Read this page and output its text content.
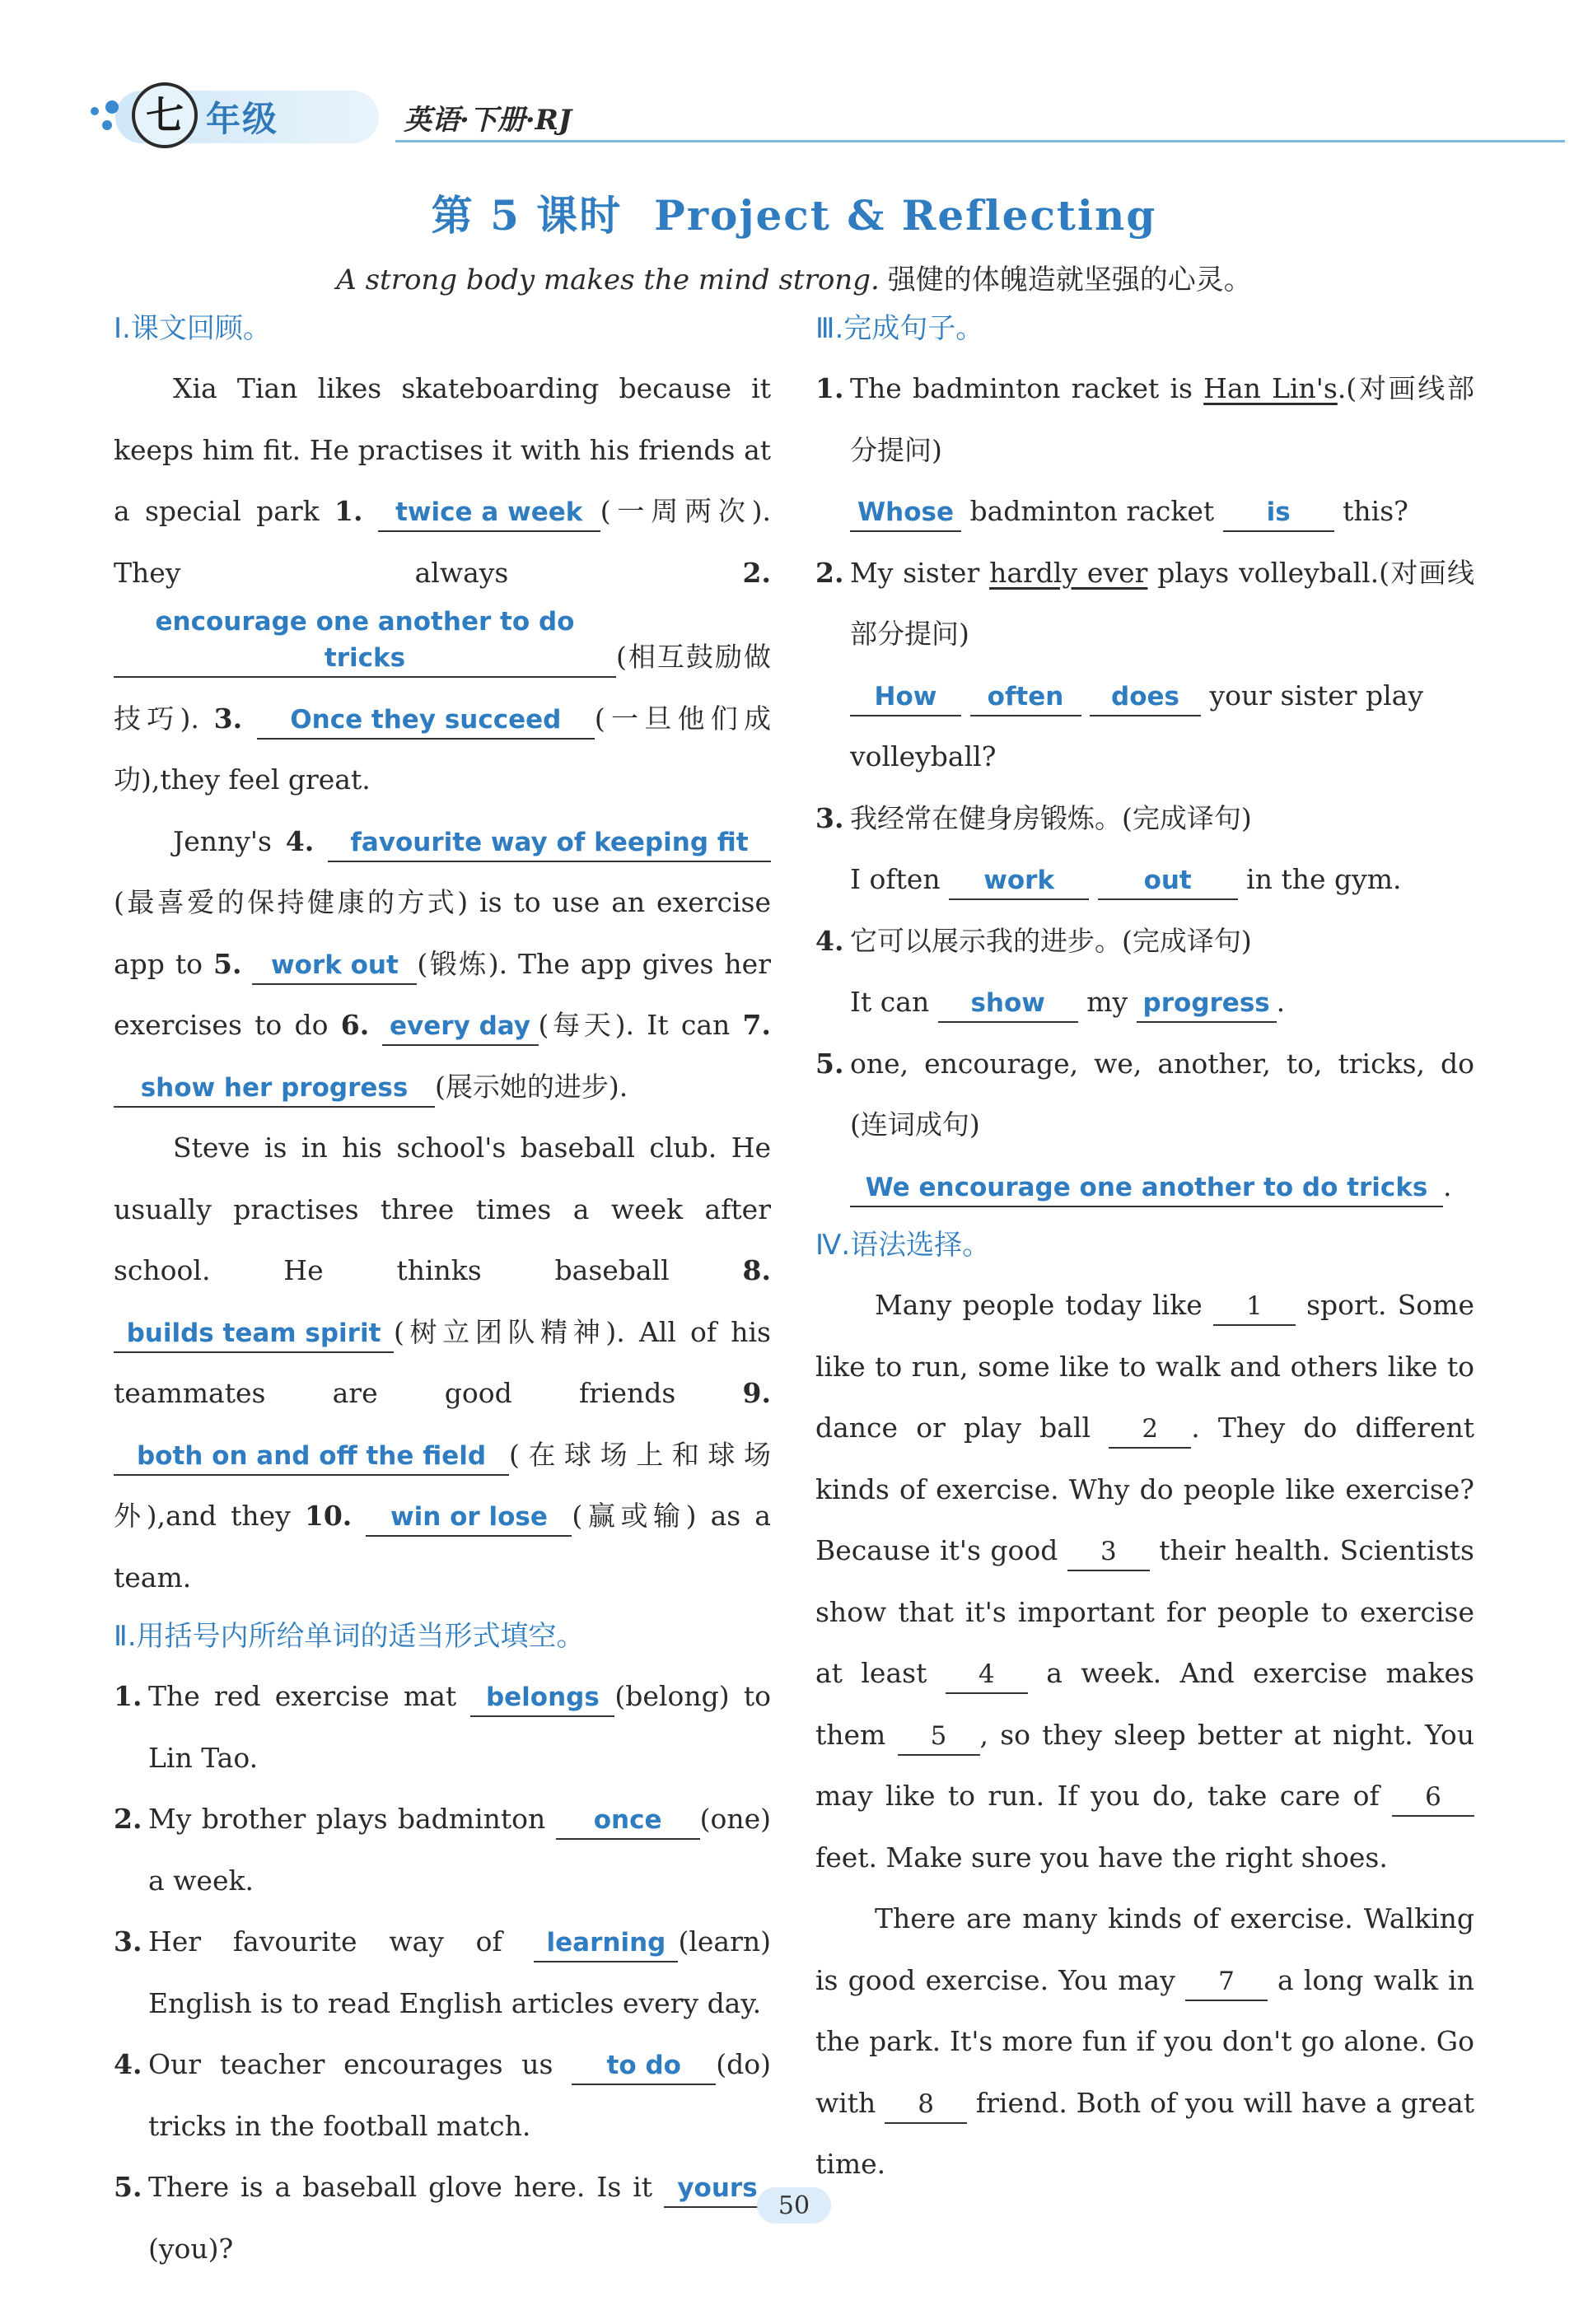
七 年级	英语·下册·RJ
第 5 课时 Project & Reflecting
A strong body makes the mind strong. 强健的体魄造就坚强的心灵。
Ⅰ.课文回顾。

Xia Tian likes skateboarding because it keeps him fit. He practises it with his friends at a special park 1. twice a week (一周两次). They always 2. encourage one another to do tricks	(相互鼓励做技巧). 3. Once they succeed (一旦他们成功),they feel great.

Jenny's 4. favourite way of keeping fit(最喜爱的保持健康的方式) is to use an exercise app to 5. work out (锻炼). The app gives her exercises to do 6. every day (每天). It can 7. show her progress (展示她的进步).

Steve is in his school's baseball club. He usually practises three times a week after school. He thinks baseball 8. builds team spirit (树立团队精神). All of his teammates are good friends 9. both on and off the field (在球场上和球场外),and they 10. win or lose (赢或输) as a team.

Ⅱ.用括号内所给单词的适当形式填空。

1. The red exercise mat belongs (belong) to Lin Tao.

2. My brother plays badminton once (one) a week.

3. Her favourite way of learning (learn) English is to read English articles every day.

4. Our teacher encourages us to do (do) tricks in the football match.

5. There is a baseball glove here. Is it yours(you)?

Ⅲ.完成句子。

1. The badminton racket is Han Lin's.(对画线部分提问)

Whose badminton racket is this?

2. My sister hardly ever plays volleyball.(对画线部分提问)

How often does your sister play volleyball?

3. 我经常在健身房锻炼。(完成译句)

I often work	out in the gym.

4. 它可以展示我的进步。(完成译句)

It can show my progress .

5. one, encourage, we, another, to, tricks, do (连词成句)

We encourage one another to do tricks .

Ⅳ.语法选择。

Many people today like 1 sport. Some like to run, some like to walk and others like to dance or play ball 2 . They do different kinds of exercise. Why do people like exercise? Because it's good 3 their health. Scientists show that it's important for people to exercise at least 4 a week. And exercise makes them 5 , so they sleep better at night. You may like to run. If you do, take care of 6 feet. Make sure you have the right shoes.

There are many kinds of exercise. Walking is good exercise. You may 7 a long walk in the park. It's more fun if you don't go alone. Go with 8 friend. Both of you will have a great time.

50
